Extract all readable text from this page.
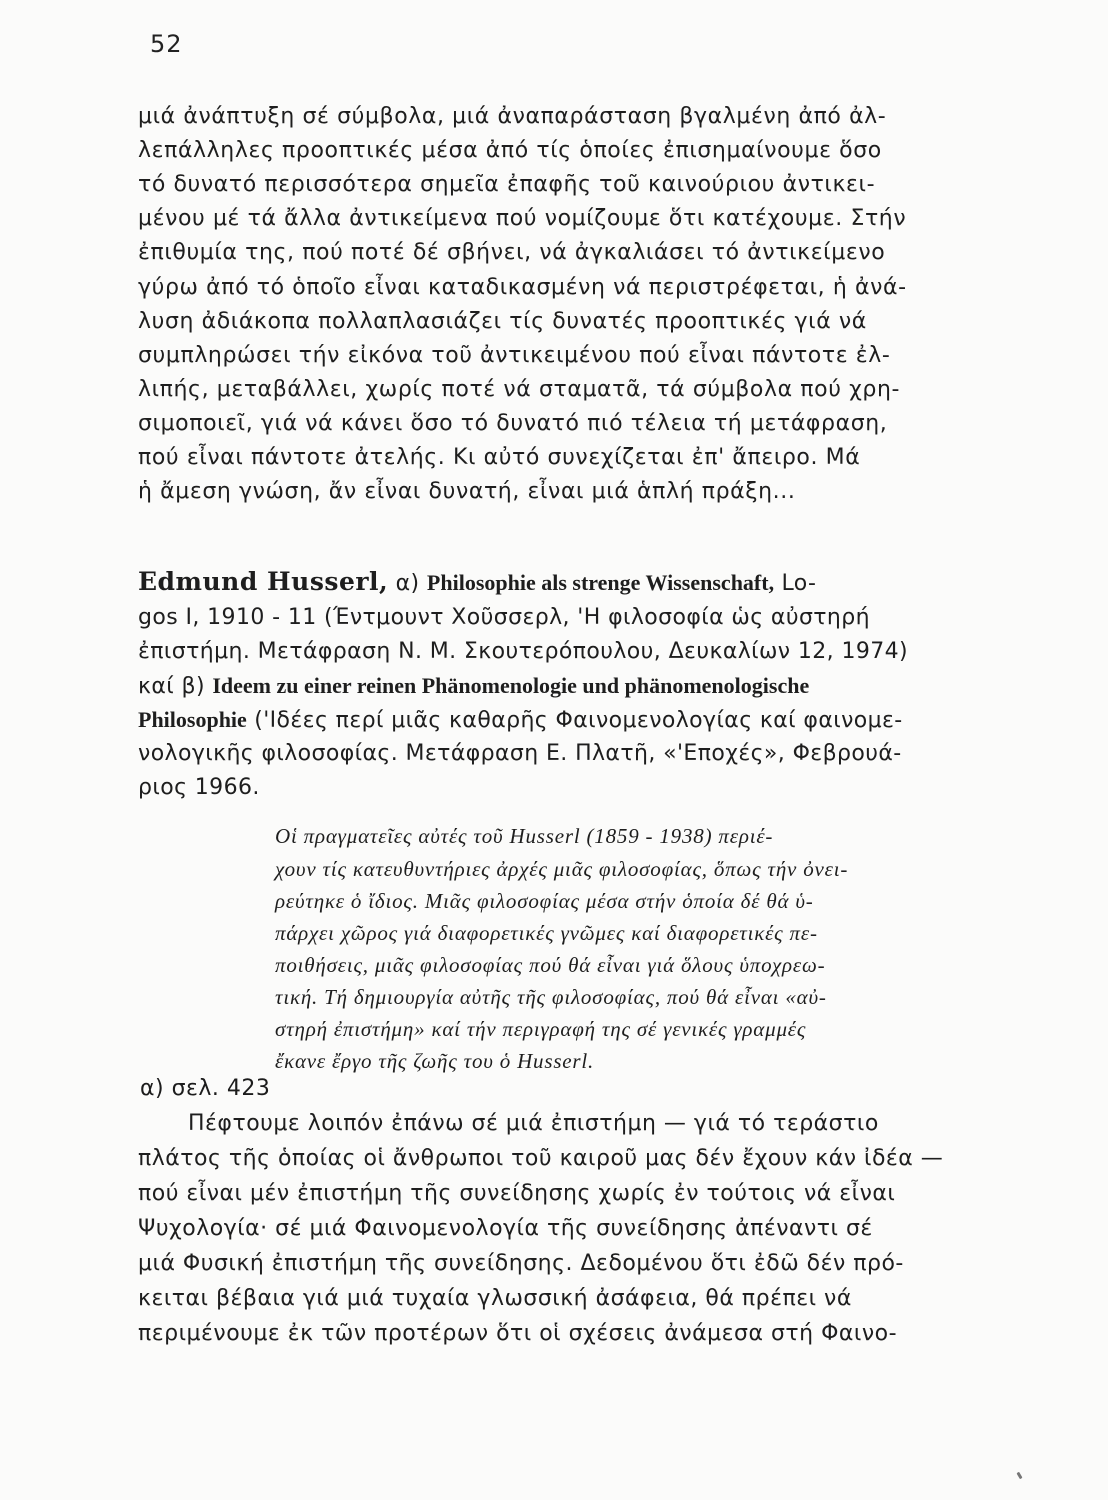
52
μιά ἀνάπτυξη σέ σύμβολα, μιά ἀναπαράσταση βγαλμένη ἀπό ἀλ-
λεπάλληλες προοπτικές μέσα ἀπό τίς ὁποίες ἐπισημαίνουμε ὅσο
τό δυνατό περισσότερα σημεῖα ἐπαφῆς τοῦ καινούριου ἀντικει-
μένου μέ τά ἄλλα ἀντικείμενα πού νομίζουμε ὅτι κατέχουμε. Στήν
ἐπιθυμία της, πού ποτέ δέ σβήνει, νά ἀγκαλιάσει τό ἀντικείμενο
γύρω ἀπό τό ὁποῖο εἶναι καταδικασμένη νά περιστρέφεται, ἡ ἀνά-
λυση ἀδιάκοπα πολλαπλασιάζει τίς δυνατές προοπτικές γιά νά
συμπληρώσει τήν εἰκόνα τοῦ ἀντικειμένου πού εἶναι πάντοτε ἐλ-
λιπής, μεταβάλλει, χωρίς ποτέ νά σταματᾶ, τά σύμβολα πού χρη-
σιμοποιεῖ, γιά νά κάνει ὅσο τό δυνατό πιό τέλεια τή μετάφραση,
πού εἶναι πάντοτε ἀτελής. Κι αὐτό συνεχίζεται ἐπ' ἄπειρο. Μά
ἡ ἄμεση γνώση, ἄν εἶναι δυνατή, εἶναι μιά ἁπλή πράξη...
Edmund Husserl, α) Philosophie als strenge Wissenschaft, Lo-
gos I, 1910 - 11 (Έντμουντ Χοῦσσερλ, 'Η φιλοσοφία ὡς αὐστηρή
ἐπιστήμη. Μετάφραση Ν. Μ. Σκουτερόπουλου, Δευκαλίων 12, 1974)
καί β) Ideem zu einer reinen Phänomenologie und phänomenologische
Philosophie ('Ιδέες περί μιᾶς καθαρῆς Φαινομενολογίας καί φαινομε-
νολογικῆς φιλοσοφίας. Μετάφραση Ε. Πλατῆ, «'Εποχές», Φεβρουά-
ριος 1966.
Οἱ πραγματεῖες αὐτές τοῦ Husserl (1859 - 1938) περιέ-
χουν τίς κατευθυντήριες ἀρχές μιᾶς φιλοσοφίας, ὅπως τήν ὀνει-
ρεύτηκε ὁ ἴδιος. Μιᾶς φιλοσοφίας μέσα στήν ὁποία δέ θά ὑ-
πάρχει χῶρος γιά διαφορετικές γνῶμες καί διαφορετικές πε-
ποιθήσεις, μιᾶς φιλοσοφίας πού θά εἶναι γιά ὅλους ὑποχρεω-
τική. Τή δημιουργία αὐτῆς τῆς φιλοσοφίας, πού θά εἶναι «αὐ-
στηρή ἐπιστήμη» καί τήν περιγραφή της σέ γενικές γραμμές
ἔκανε ἔργο τῆς ζωῆς του ὁ Husserl.
α) σελ. 423
Πέφτουμε λοιπόν ἐπάνω σέ μιά ἐπιστήμη — γιά τό τεράστιο
πλάτος τῆς ὁποίας οἱ ἄνθρωποι τοῦ καιροῦ μας δέν ἔχουν κάν ἰδέα —
πού εἶναι μέν ἐπιστήμη τῆς συνείδησης χωρίς ἐν τούτοις νά εἶναι
Ψυχολογία· σέ μιά Φαινομενολογία τῆς συνείδησης ἀπέναντι σέ
μιά Φυσική ἐπιστήμη τῆς συνείδησης. Δεδομένου ὅτι ἐδῶ δέν πρό-
κειται βέβαια γιά μιά τυχαία γλωσσική ἀσάφεια, θά πρέπει νά
περιμένουμε ἐκ τῶν προτέρων ὅτι οἱ σχέσεις ἀνάμεσα στή Φαινο-
